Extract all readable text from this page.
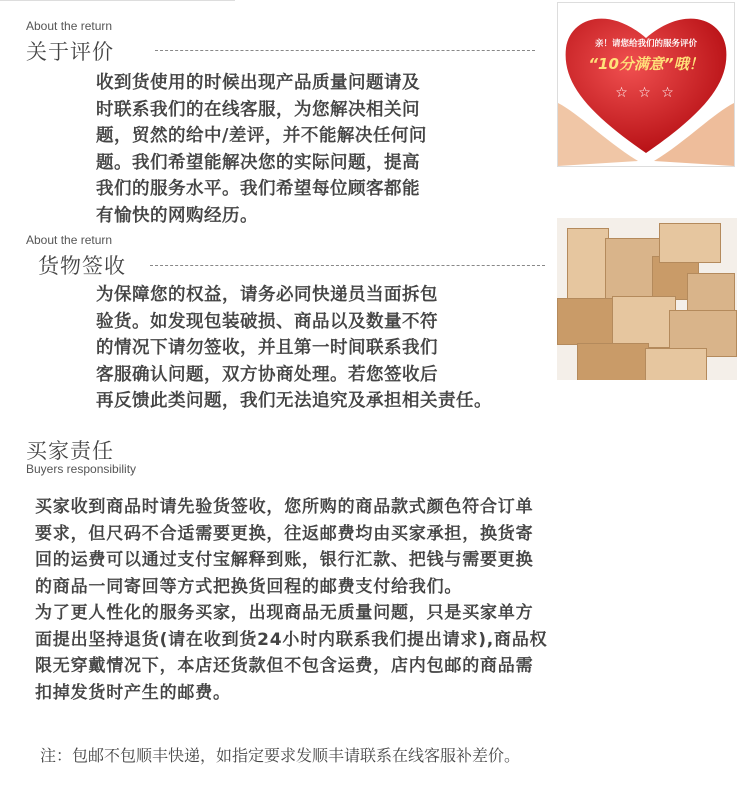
About the return
关于评价

收到货使用的时候出现产品质量问题请及

时联系我们的在线客服，为您解决相关问

题，贸然的给中/差评，并不能解决任何问

题。我们希望能解决您的实际问题，提高

我们的服务水平。我们希望每位顾客都能

有愉快的网购经历。

亲！请您给我们的服务评价
“10分满意”哦！
☆ ☆ ☆
About the return
货物签收

为保障您的权益，请务必同快递员当面拆包

验货。如发现包装破损、商品以及数量不符

的情况下请勿签收，并且第一时间联系我们

客服确认问题，双方协商处理。若您签收后

再反馈此类问题，我们无法追究及承担相关责任。

买家责任
Buyers responsibility

买家收到商品时请先验货签收，您所购的商品款式颜色符合订单

要求，但尺码不合适需要更换，往返邮费均由买家承担，换货寄

回的运费可以通过支付宝解释到账，银行汇款、把钱与需要更换

的商品一同寄回等方式把换货回程的邮费支付给我们。

为了更人性化的服务买家，出现商品无质量问题，只是买家单方

面提出坚持退货(请在收到货24小时内联系我们提出请求),商品权

限无穿戴情况下，本店还货款但不包含运费，店内包邮的商品需

扣掉发货时产生的邮费。

注：包邮不包顺丰快递，如指定要求发顺丰请联系在线客服补差价。
